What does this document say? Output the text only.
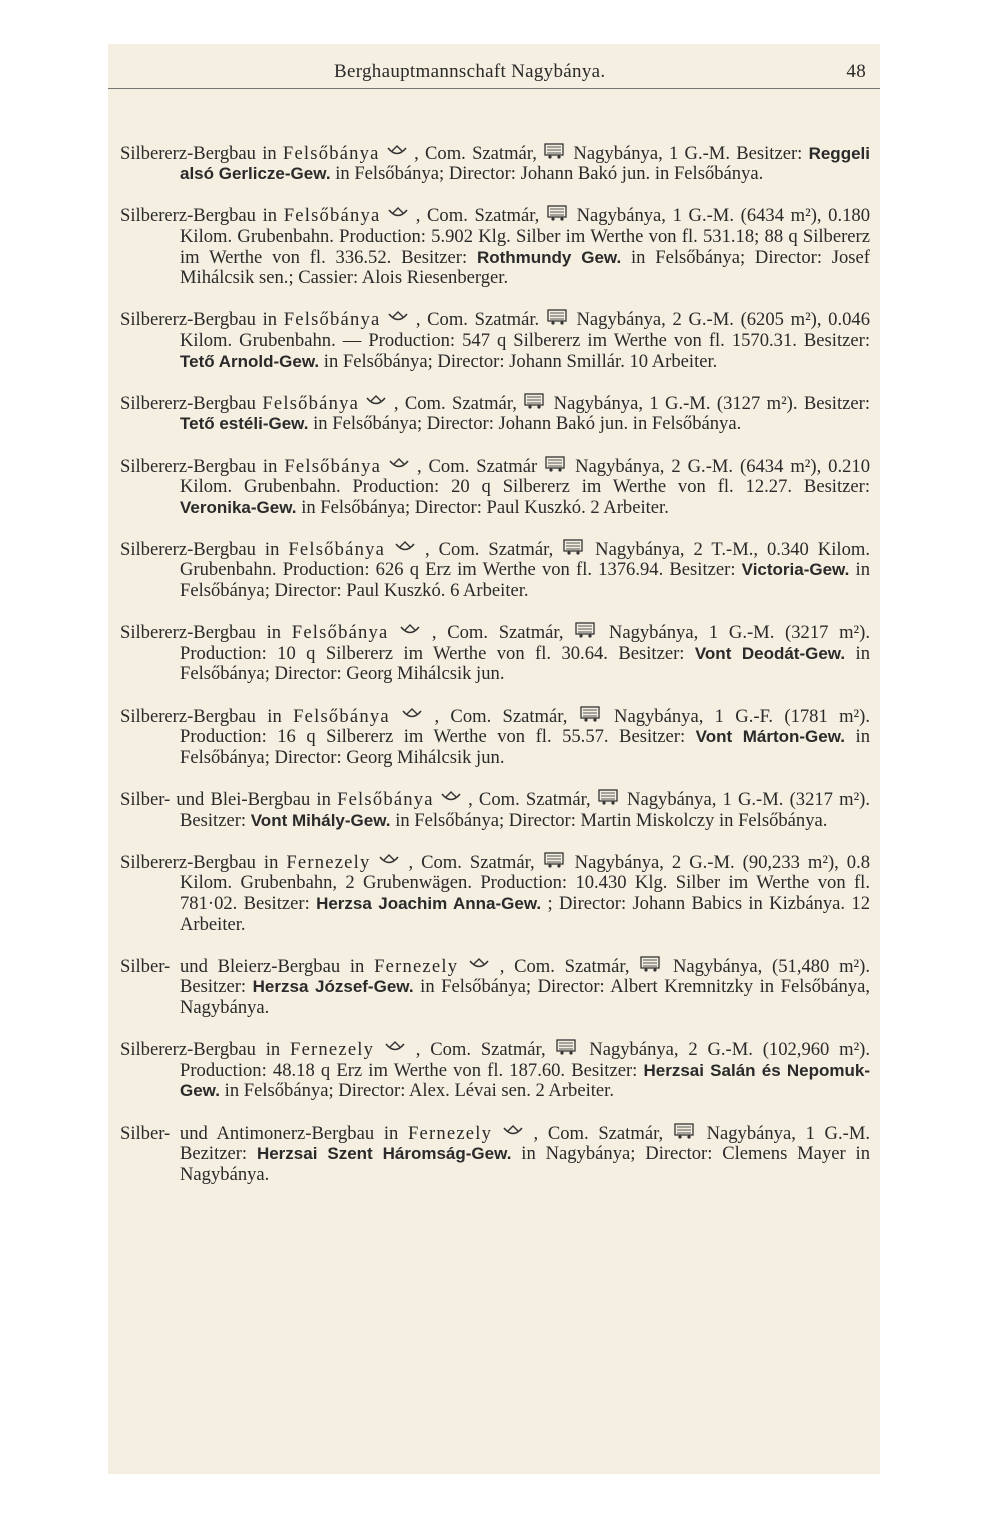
Berghauptmannschaft Nagybánya.	48

Silbererz-Bergbau in Felsőbánya , Com. Szatmár,
Nagybánya, 1 G.-M. Besitzer: Reggeli alsó Gerlicze-Gew. in Felsőbánya; Director: Johann Bakó jun. in Felsőbánya.

Silbererz-Bergbau in Felsőbánya , Com. Szatmár,
Nagybánya, 1 G.-M. (6434 m²), 0.180 Kilom. Grubenbahn. Production: 5.902 Klg. Silber im Werthe von fl. 531.18; 88 q Silbererz im Werthe von fl. 336.52. Besitzer: Rothmundy Gew. in Felsőbánya; Director: Josef Mihálcsik sen.; Cassier: Alois Riesenberger.

Silbererz-Bergbau in Felsőbánya , Com. Szatmár.
Nagybánya, 2 G.-M. (6205 m²), 0.046 Kilom. Grubenbahn. — Production: 547 q Silbererz im Werthe von fl. 1570.31. Besitzer: Tető Arnold-Gew. in Felsőbánya; Director: Johann Smillár. 10 Arbeiter.

Silbererz-Bergbau Felsőbánya , Com. Szatmár,
Nagybánya, 1 G.-M. (3127 m²). Besitzer: Tető estéli-Gew. in Felsőbánya; Director: Johann Bakó jun. in Felsőbánya.

Silbererz-Bergbau in Felsőbánya , Com. Szatmár
Nagybánya, 2 G.-M. (6434 m²), 0.210 Kilom. Grubenbahn. Production: 20 q Silbererz im Werthe von fl. 12.27. Besitzer: Veronika-Gew. in Felsőbánya; Director: Paul Kuszkó. 2 Arbeiter.

Silbererz-Bergbau in Felsőbánya , Com. Szatmár,
Nagybánya, 2 T.-M., 0.340 Kilom. Grubenbahn. Production: 626 q Erz im Werthe von fl. 1376.94. Besitzer: Victoria-Gew. in Felsőbánya; Director: Paul Kuszkó. 6 Arbeiter.

Silbererz-Bergbau in Felsőbánya , Com. Szatmár,
Nagybánya, 1 G.-M. (3217 m²). Production: 10 q Silbererz im Werthe von fl. 30.64. Besitzer: Vont Deodát-Gew. in Felsőbánya; Director: Georg Mihálcsik jun.

Silbererz-Bergbau in Felsőbánya , Com. Szatmár,
Nagybánya, 1 G.-F. (1781 m²). Production: 16 q Silbererz im Werthe von fl. 55.57. Besitzer: Vont Márton-Gew. in Felsőbánya; Director: Georg Mihálcsik jun.

Silber- und Blei-Bergbau in Felsőbánya , Com. Szatmár,
Nagybánya, 1 G.-M. (3217 m²). Besitzer: Vont Mihály-Gew. in Felsőbánya; Director: Martin Miskolczy in Felsőbánya.

Silbererz-Bergbau in Fernezely , Com. Szatmár,
Nagybánya, 2 G.-M. (90,233 m²), 0.8 Kilom. Grubenbahn, 2 Grubenwägen. Production: 10.430 Klg. Silber im Werthe von fl. 781·02. Besitzer: Herzsa Joachim Anna-Gew. ; Director: Johann Babics in Kizbánya. 12 Arbeiter.

Silber- und Bleierz-Bergbau in Fernezely , Com. Szatmár,
Nagybánya, (51,480 m²). Besitzer: Herzsa József-Gew. in Felsőbánya; Director: Albert Kremnitzky in Felsőbánya, Nagybánya.

Silbererz-Bergbau in Fernezely , Com. Szatmár,
Nagybánya, 2 G.-M. (102,960 m²). Production: 48.18 q Erz im Werthe von fl. 187.60. Besitzer: Herzsai Salán és Nepomuk-Gew. in Felsőbánya; Director: Alex. Lévai sen. 2 Arbeiter.

Silber- und Antimonerz-Bergbau in Fernezely , Com. Szatmár,
Nagybánya, 1 G.-M. Bezitzer: Herzsai Szent Háromság-Gew. in Nagybánya; Director: Clemens Mayer in Nagybánya.
